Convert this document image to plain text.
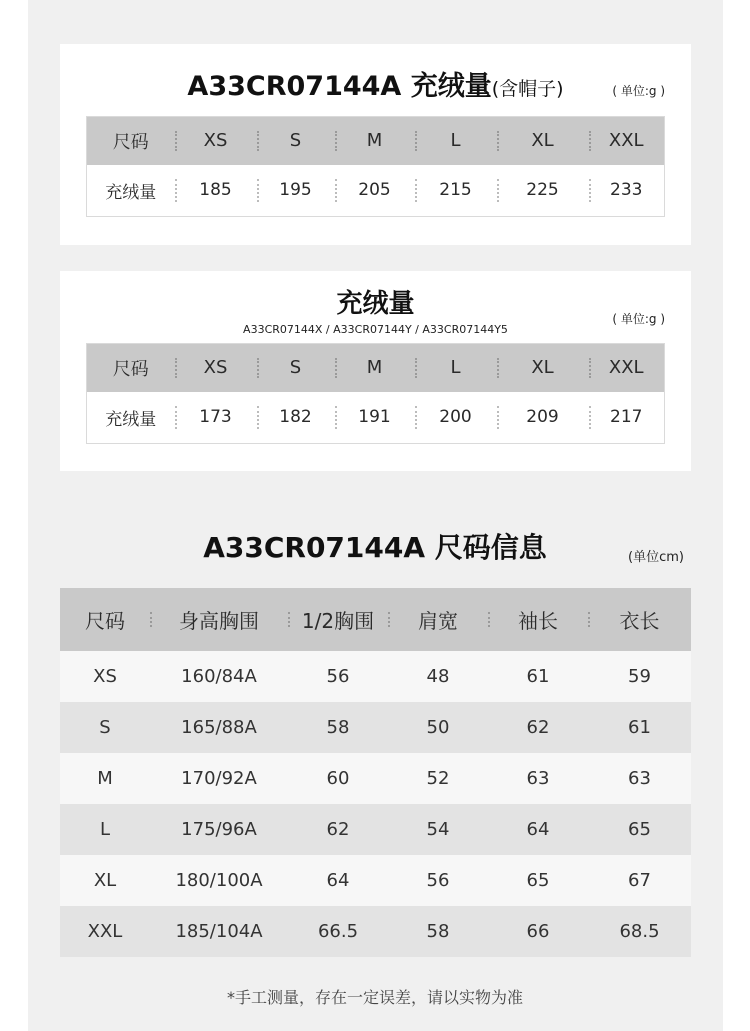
A33CR07144A 充绒量(含帽子)	( 单位:g )
尺码	XS	S	M	L	XL	XXL
充绒量	185	195	205	215	225	233
充绒量
A33CR07144X / A33CR07144Y / A33CR07144Y5
( 单位:g )
尺码	XS	S	M	L	XL	XXL
充绒量	173	182	191	200	209	217
A33CR07144A 尺码信息	(单位cm)
尺码	身高胸围	1/2胸围	肩宽	袖长	衣长
XS	160/84A	56	48	61	59
S	165/88A	58	50	62	61
M	170/92A	60	52	63	63
L	175/96A	62	54	64	65
XL	180/100A	64	56	65	67
XXL	185/104A	66.5	58	66	68.5
*手工测量，存在一定误差，请以实物为准
